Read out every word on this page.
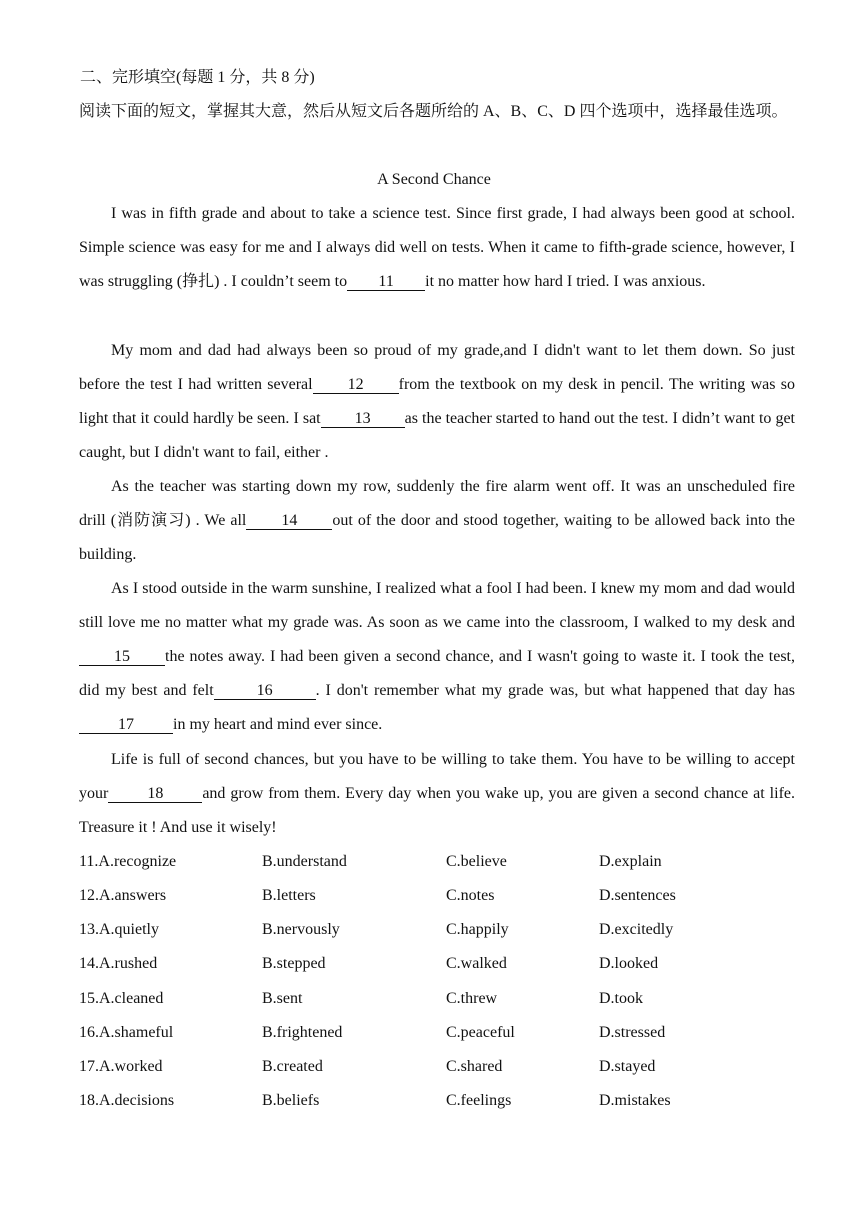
二、完形填空(每题 1 分，共 8 分)
阅读下面的短文，掌握其大意，然后从短文后各题所给的 A、B、C、D 四个选项中，选择最佳选项。
A Second Chance
I was in fifth grade and about to take a science test. Since first grade, I had always been good at school. Simple science was easy for me and I always did well on tests. When it came to fifth-grade science, however, I was struggling (挣扎) . I couldn’t seem to 11 it no matter how hard I tried. I was anxious.
My mom and dad had always been so proud of my grade,and I didn't want to let them down. So just before the test I had written several 12 from the textbook on my desk in pencil. The writing was so light that it could hardly be seen. I sat 13 as the teacher started to hand out the test. I didn’t want to get caught, but I didn't want to fail, either .
As the teacher was starting down my row, suddenly the fire alarm went off. It was an unscheduled fire drill (消防演习) . We all 14 out of the door and stood together, waiting to be allowed back into the building.
As I stood outside in the warm sunshine, I realized what a fool I had been. I knew my mom and dad would still love me no matter what my grade was. As soon as we came into the classroom, I walked to my desk and15 the notes away. I had been given a second chance, and I wasn't going to waste it. I took the test, did my best and felt	16	. I don't remember what my grade was, but what happened that day has17 in my heart and mind ever since.
Life is full of second chances, but you have to be willing to take them. You have to be willing to accept your 18 and grow from them. Every day when you wake up, you are given a second chance at life. Treasure it ! And use it wisely!
11.A.recognize	B.understand	C.believe	D.explain
12.A.answers	B.letters	C.notes	D.sentences
13.A.quietly	B.nervously	C.happily	D.excitedly
14.A.rushed	B.stepped	C.walked	D.looked
15.A.cleaned	B.sent	C.threw	D.took
16.A.shameful	B.frightened	C.peaceful	D.stressed
17.A.worked	B.created	C.shared	D.stayed
18.A.decisions	B.beliefs	C.feelings	D.mistakes
